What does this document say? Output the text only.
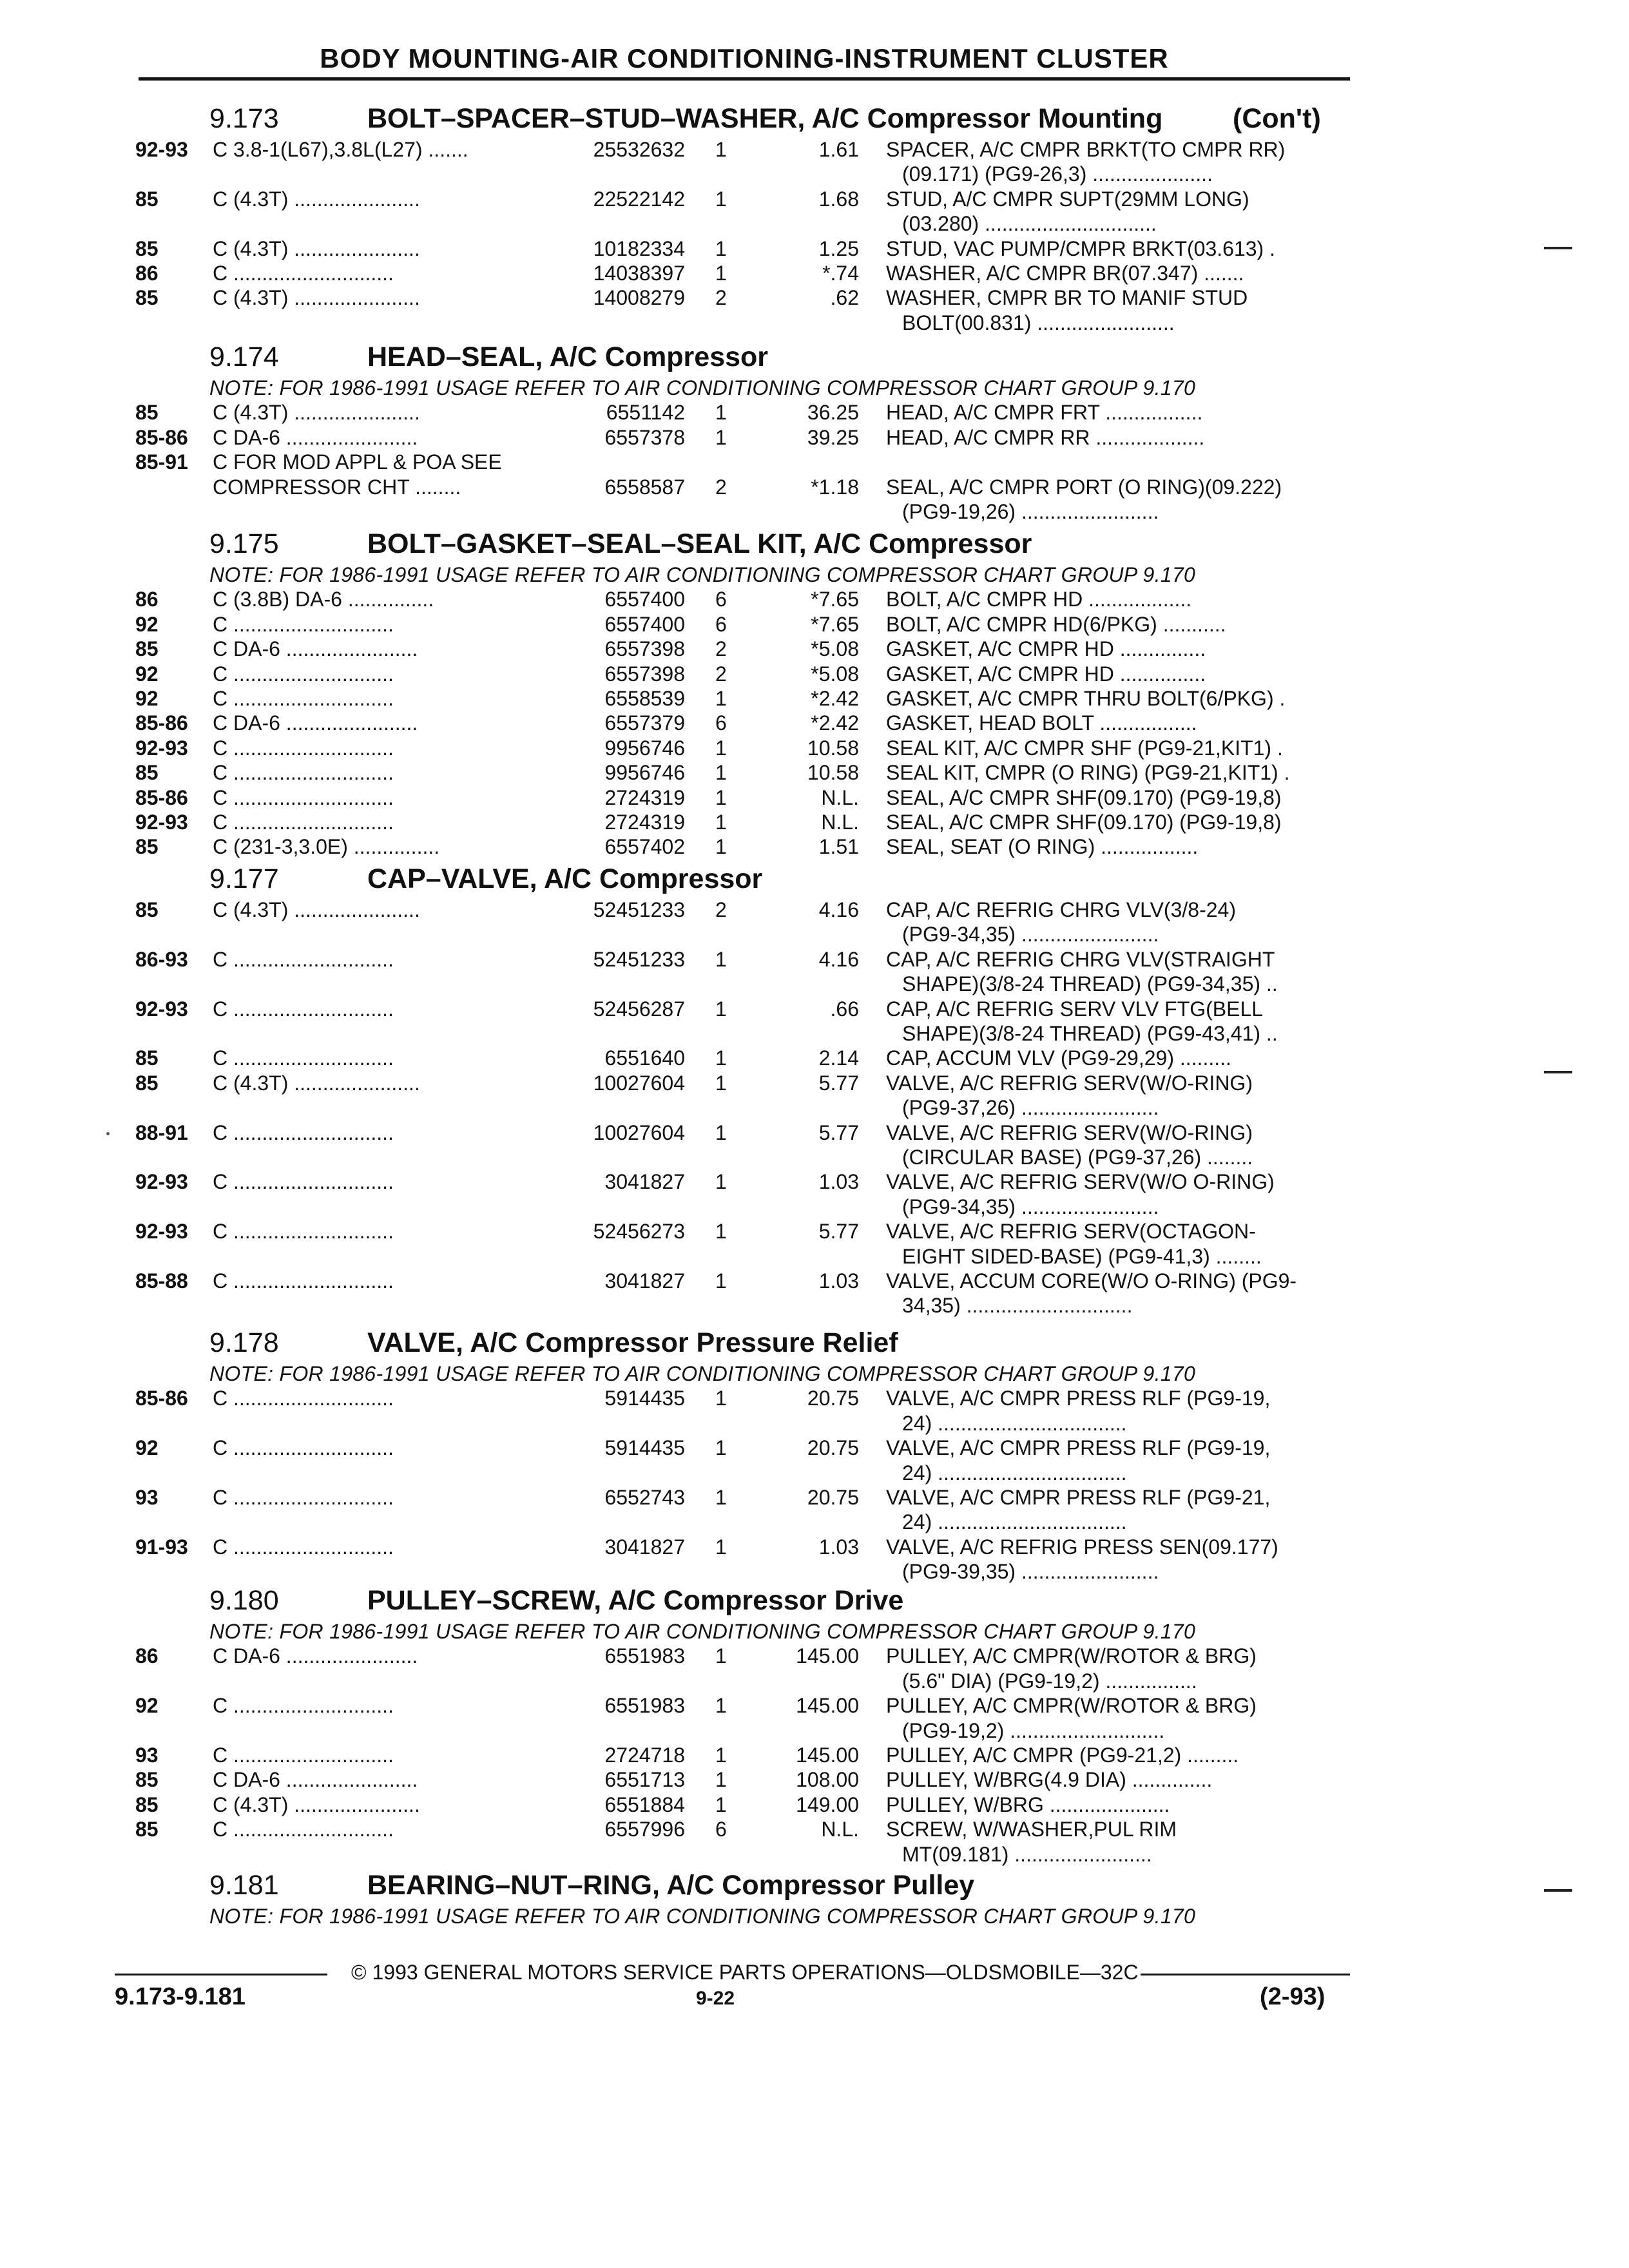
BODY MOUNTING-AIR CONDITIONING-INSTRUMENT CLUSTER
9.173	BOLT–SPACER–STUD–WASHER, A/C Compressor Mounting	(Con't)
92-93 C 3.8-1(L67),3.8L(L27) .......	25532632 1	1.61 SPACER, A/C CMPR BRKT(TO CMPR RR)
(09.171) (PG9-26,3) .....................
85	C (4.3T) ......................	22522142 1	1.68 STUD, A/C CMPR SUPT(29MM LONG)
(03.280) ..............................
85	C (4.3T) ......................	10182334 1	1.25 STUD, VAC PUMP/CMPR BRKT(03.613) .
86	C ............................	14038397 1	*.74 WASHER, A/C CMPR BR(07.347) .......
85	C (4.3T) ......................	14008279 2	.62 WASHER, CMPR BR TO MANIF STUD
BOLT(00.831) ........................
9.174	HEAD–SEAL, A/C Compressor
NOTE: FOR 1986-1991 USAGE REFER TO AIR CONDITIONING COMPRESSOR CHART GROUP 9.170
85	C (4.3T) ......................	6551142 1	36.25 HEAD, A/C CMPR FRT .................
85-86 C DA-6 .......................	6557378 1	39.25 HEAD, A/C CMPR RR ...................
85-91 C FOR MOD APPL & POA SEE
COMPRESSOR CHT ........	6558587 2	*1.18 SEAL, A/C CMPR PORT (O RING)(09.222)
(PG9-19,26) ........................
9.175	BOLT–GASKET–SEAL–SEAL KIT, A/C Compressor
NOTE: FOR 1986-1991 USAGE REFER TO AIR CONDITIONING COMPRESSOR CHART GROUP 9.170
86	C (3.8B) DA-6 ...............	6557400 6	*7.65 BOLT, A/C CMPR HD ..................
92	C ............................	6557400 6	*7.65 BOLT, A/C CMPR HD(6/PKG) ...........
85	C DA-6 .......................	6557398 2	*5.08 GASKET, A/C CMPR HD ...............
92	C ............................	6557398 2	*5.08 GASKET, A/C CMPR HD ...............
92	C ............................	6558539 1	*2.42 GASKET, A/C CMPR THRU BOLT(6/PKG) .
85-86 C DA-6 .......................	6557379 6	*2.42 GASKET, HEAD BOLT .................
92-93 C ............................	9956746 1	10.58 SEAL KIT, A/C CMPR SHF (PG9-21,KIT1) .
85	C ............................	9956746 1	10.58 SEAL KIT, CMPR (O RING) (PG9-21,KIT1) .
85-86 C ............................	2724319 1	N.L. SEAL, A/C CMPR SHF(09.170) (PG9-19,8)
92-93 C ............................	2724319 1	N.L. SEAL, A/C CMPR SHF(09.170) (PG9-19,8)
85	C (231-3,3.0E) ...............	6557402 1	1.51 SEAL, SEAT (O RING) .................
9.177	CAP–VALVE, A/C Compressor
85	C (4.3T) ......................	52451233 2	4.16 CAP, A/C REFRIG CHRG VLV(3/8-24)
(PG9-34,35) ........................
86-93 C ............................	52451233 1	4.16 CAP, A/C REFRIG CHRG VLV(STRAIGHT
SHAPE)(3/8-24 THREAD) (PG9-34,35) ..
92-93 C ............................	52456287 1	.66 CAP, A/C REFRIG SERV VLV FTG(BELL
SHAPE)(3/8-24 THREAD) (PG9-43,41) ..
85	C ............................	6551640 1	2.14 CAP, ACCUM VLV (PG9-29,29) .........
85	C (4.3T) ......................	10027604 1	5.77 VALVE, A/C REFRIG SERV(W/O-RING)
(PG9-37,26) ........................
88-91 C ............................	10027604 1	5.77 VALVE, A/C REFRIG SERV(W/O-RING)
(CIRCULAR BASE) (PG9-37,26) ........
92-93 C ............................	3041827 1	1.03 VALVE, A/C REFRIG SERV(W/O O-RING)
(PG9-34,35) ........................
92-93 C ............................	52456273 1	5.77 VALVE, A/C REFRIG SERV(OCTAGON-
EIGHT SIDED-BASE) (PG9-41,3) ........
85-88 C ............................	3041827 1	1.03 VALVE, ACCUM CORE(W/O O-RING) (PG9-
34,35) .............................
9.178	VALVE, A/C Compressor Pressure Relief
NOTE: FOR 1986-1991 USAGE REFER TO AIR CONDITIONING COMPRESSOR CHART GROUP 9.170
85-86 C ............................	5914435 1	20.75 VALVE, A/C CMPR PRESS RLF (PG9-19,
24) .................................
92	C ............................	5914435 1	20.75 VALVE, A/C CMPR PRESS RLF (PG9-19,
24) .................................
93	C ............................	6552743 1	20.75 VALVE, A/C CMPR PRESS RLF (PG9-21,
24) .................................
91-93 C ............................	3041827 1	1.03 VALVE, A/C REFRIG PRESS SEN(09.177)
(PG9-39,35) ........................
9.180	PULLEY–SCREW, A/C Compressor Drive
NOTE: FOR 1986-1991 USAGE REFER TO AIR CONDITIONING COMPRESSOR CHART GROUP 9.170
86	C DA-6 .......................	6551983 1	145.00 PULLEY, A/C CMPR(W/ROTOR & BRG)
(5.6" DIA) (PG9-19,2) ................
92	C ............................	6551983 1	145.00 PULLEY, A/C CMPR(W/ROTOR & BRG)
(PG9-19,2) ...........................
93	C ............................	2724718 1	145.00 PULLEY, A/C CMPR (PG9-21,2) .........
85	C DA-6 .......................	6551713 1	108.00 PULLEY, W/BRG(4.9 DIA) ..............
85	C (4.3T) ......................	6551884 1	149.00 PULLEY, W/BRG .....................
85	C ............................	6557996 6	N.L. SCREW, W/WASHER,PUL RIM
MT(09.181) ........................
9.181	BEARING–NUT–RING, A/C Compressor Pulley
NOTE: FOR 1986-1991 USAGE REFER TO AIR CONDITIONING COMPRESSOR CHART GROUP 9.170
© 1993 GENERAL MOTORS SERVICE PARTS OPERATIONS—OLDSMOBILE—32C
9.173-9.181	9-22	(2-93)
